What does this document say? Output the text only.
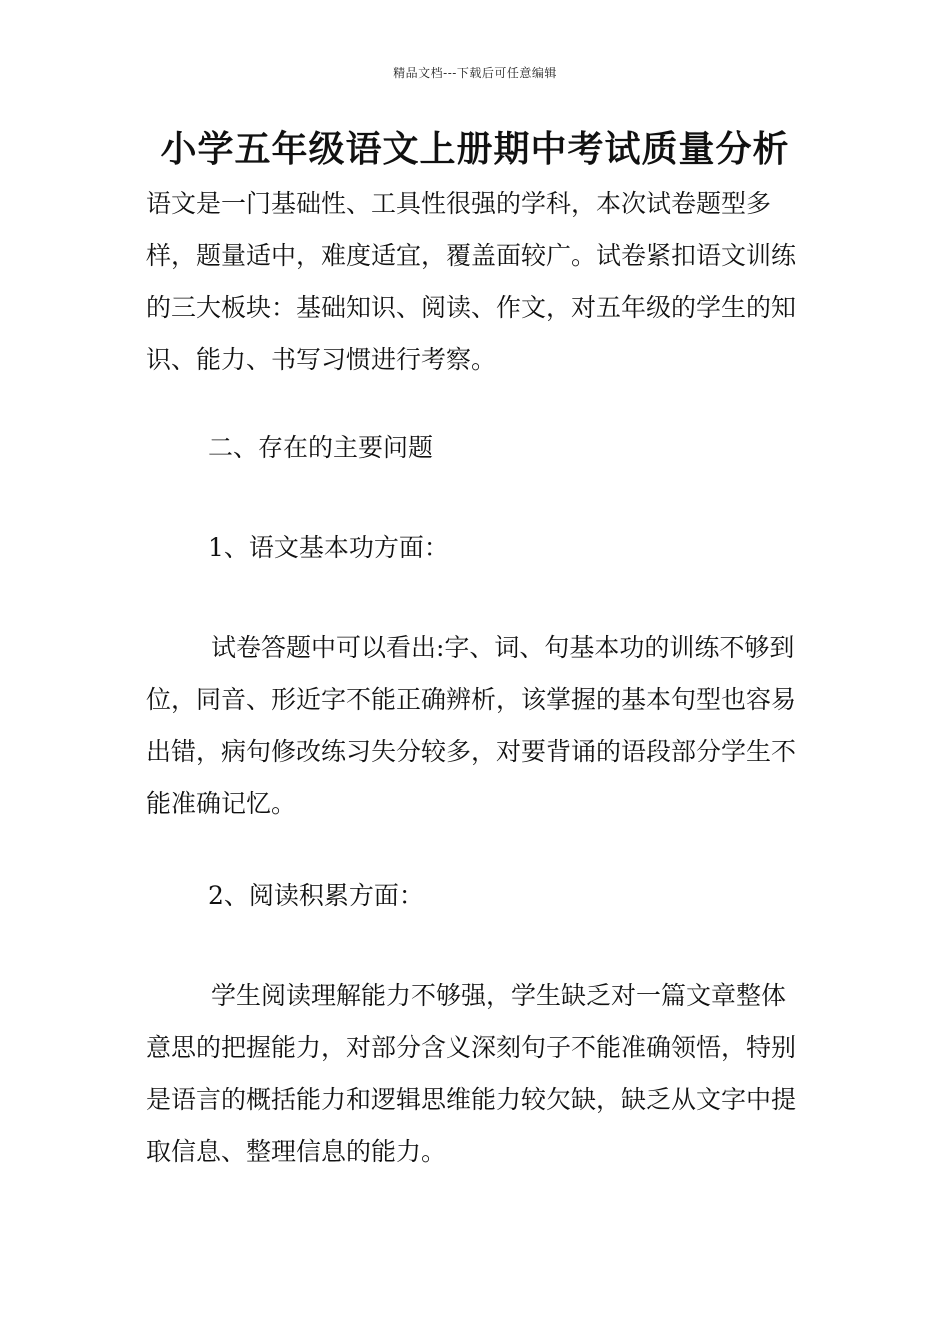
精品文档---下载后可任意编辑
小学五年级语文上册期中考试质量分析

语文是一门基础性、工具性很强的学科，本次试卷题型多样，题量适中，难度适宜，覆盖面较广。试卷紧扣语文训练的三大板块：基础知识、阅读、作文，对五年级的学生的知识、能力、书写习惯进行考察。

二、存在的主要问题
1、语文基本功方面：

试卷答题中可以看出:字、词、句基本功的训练不够到位，同音、形近字不能正确辨析，该掌握的基本句型也容易出错，病句修改练习失分较多，对要背诵的语段部分学生不能准确记忆。

2、阅读积累方面：

学生阅读理解能力不够强，学生缺乏对一篇文章整体意思的把握能力，对部分含义深刻句子不能准确领悟，特别是语言的概括能力和逻辑思维能力较欠缺，缺乏从文字中提取信息、整理信息的能力。
